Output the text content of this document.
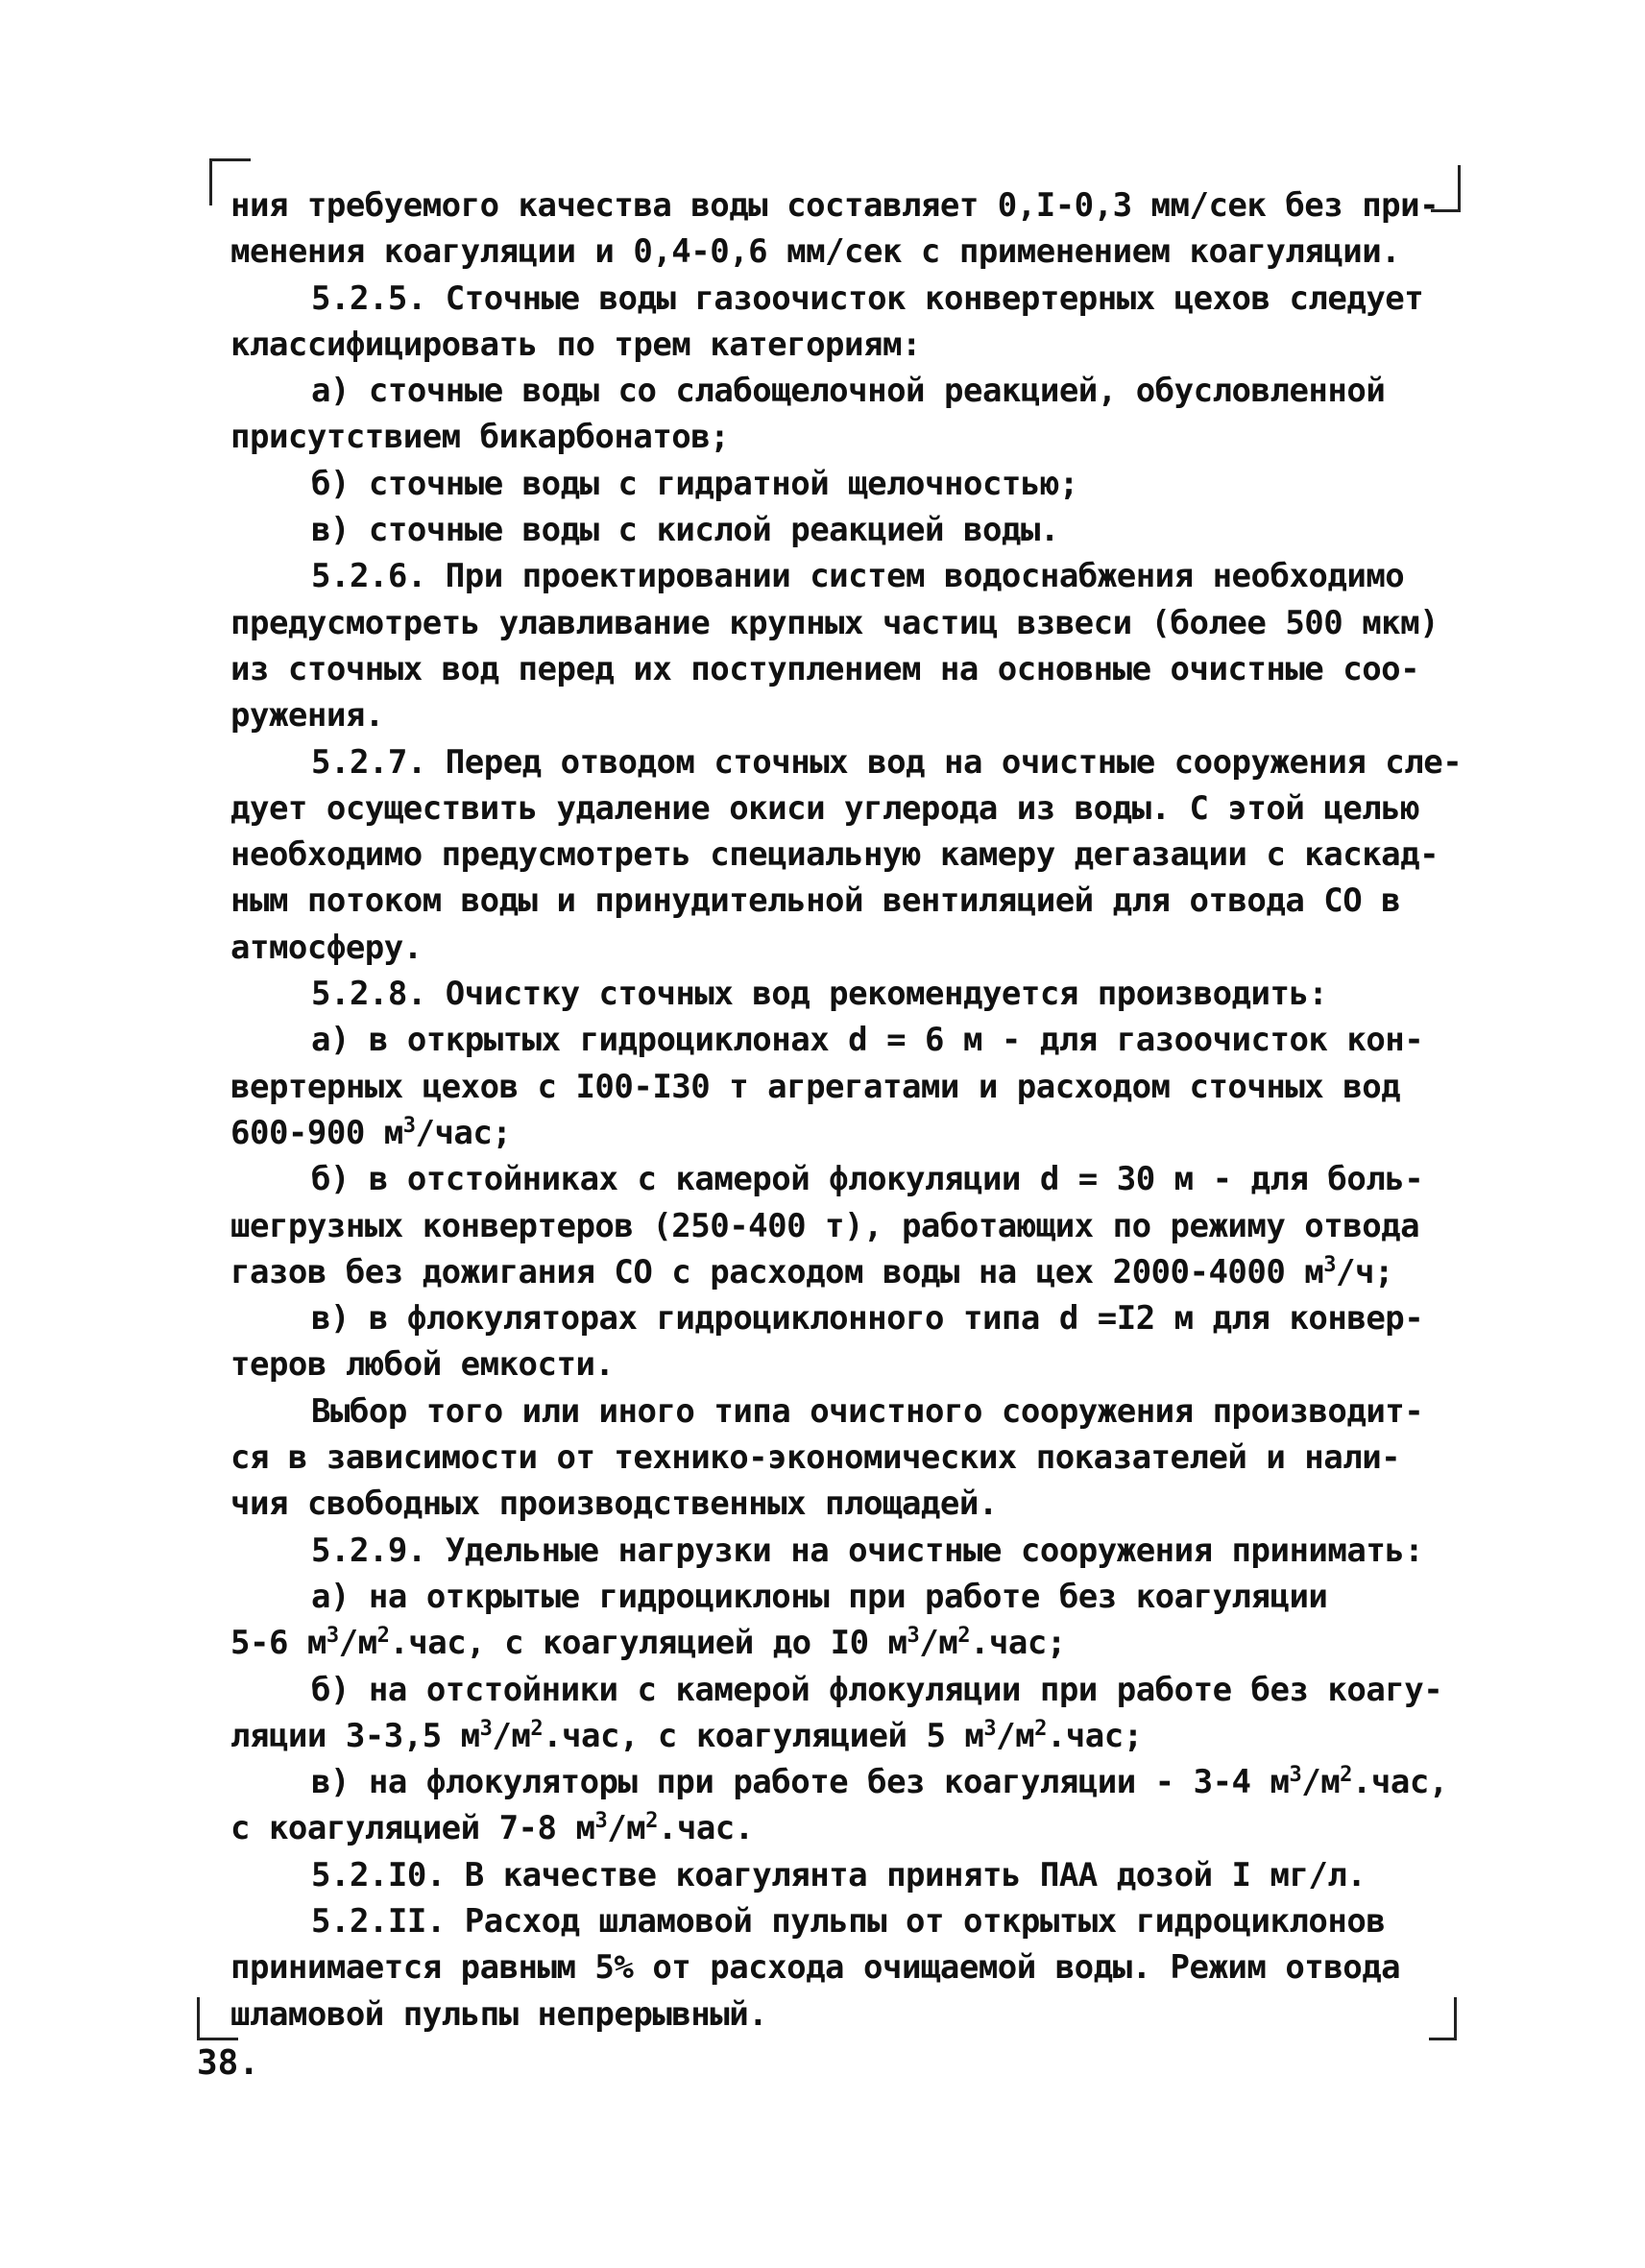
ния требуемого качества воды составляет 0,I-0,3 мм/сек без при-
менения коагуляции и 0,4-0,6 мм/сек с применением коагуляции.
5.2.5. Сточные воды газоочисток конвертерных цехов следует
классифицировать по трем категориям:
а) сточные воды со слабощелочной реакцией, обусловленной
присутствием бикарбонатов;
б) сточные воды с гидратной щелочностью;
в) сточные воды с кислой реакцией воды.
5.2.6. При проектировании систем водоснабжения необходимо
предусмотреть улавливание крупных частиц взвеси (более 500 мкм)
из сточных вод перед их поступлением на основные очистные соо-
ружения.
5.2.7. Перед отводом сточных вод на очистные сооружения сле-
дует осуществить удаление окиси углерода из воды. С этой целью
необходимо предусмотреть специальную камеру дегазации с каскад-
ным потоком воды и принудительной вентиляцией для отвода СО в
атмосферу.
5.2.8. Очистку сточных вод рекомендуется производить:
а) в открытых гидроциклонах d = 6 м - для газоочисток кон-
вертерных цехов с I00-I30 т агрегатами и расходом сточных вод
600-900 $м^3$/час;
б) в отстойниках с камерой флокуляции d = 30 м - для боль-
шегрузных конвертеров (250-400 т), работающих по режиму отвода
газов без дожигания СО с расходом воды на цех 2000-4000 $м^3/ч$;
в) в флокуляторах гидроциклонного типа d =I2 м для конвер-
теров любой емкости.
Выбор того или иного типа очистного сооружения производит-
ся в зависимости от технико-экономических показателей и нали-
чия свободных производственных площадей.
5.2.9. Удельные нагрузки на очистные сооружения принимать:
а) на открытые гидроциклоны при работе без коагуляции
5-6 $м^3/м^2.час$, с коагуляцией до I0 $м^3/м^2.час$;
б) на отстойники с камерой флокуляции при работе без коагу-
ляции 3-3,5 $м^3/м^2.час$, с коагуляцией 5 $м^3/м^2.час$;
в) на флокуляторы при работе без коагуляции - 3-4 $м^3/м^2.час$,
с коагуляцией 7-8 $м^3/м^2.час$.
5.2.I0. В качестве коагулянта принять ПАА дозой I мг/л.
5.2.II. Расход шламовой пульпы от открытых гидроциклонов
принимается равным 5% от расхода очищаемой воды. Режим отвода
шламовой пульпы непрерывный.
38.
